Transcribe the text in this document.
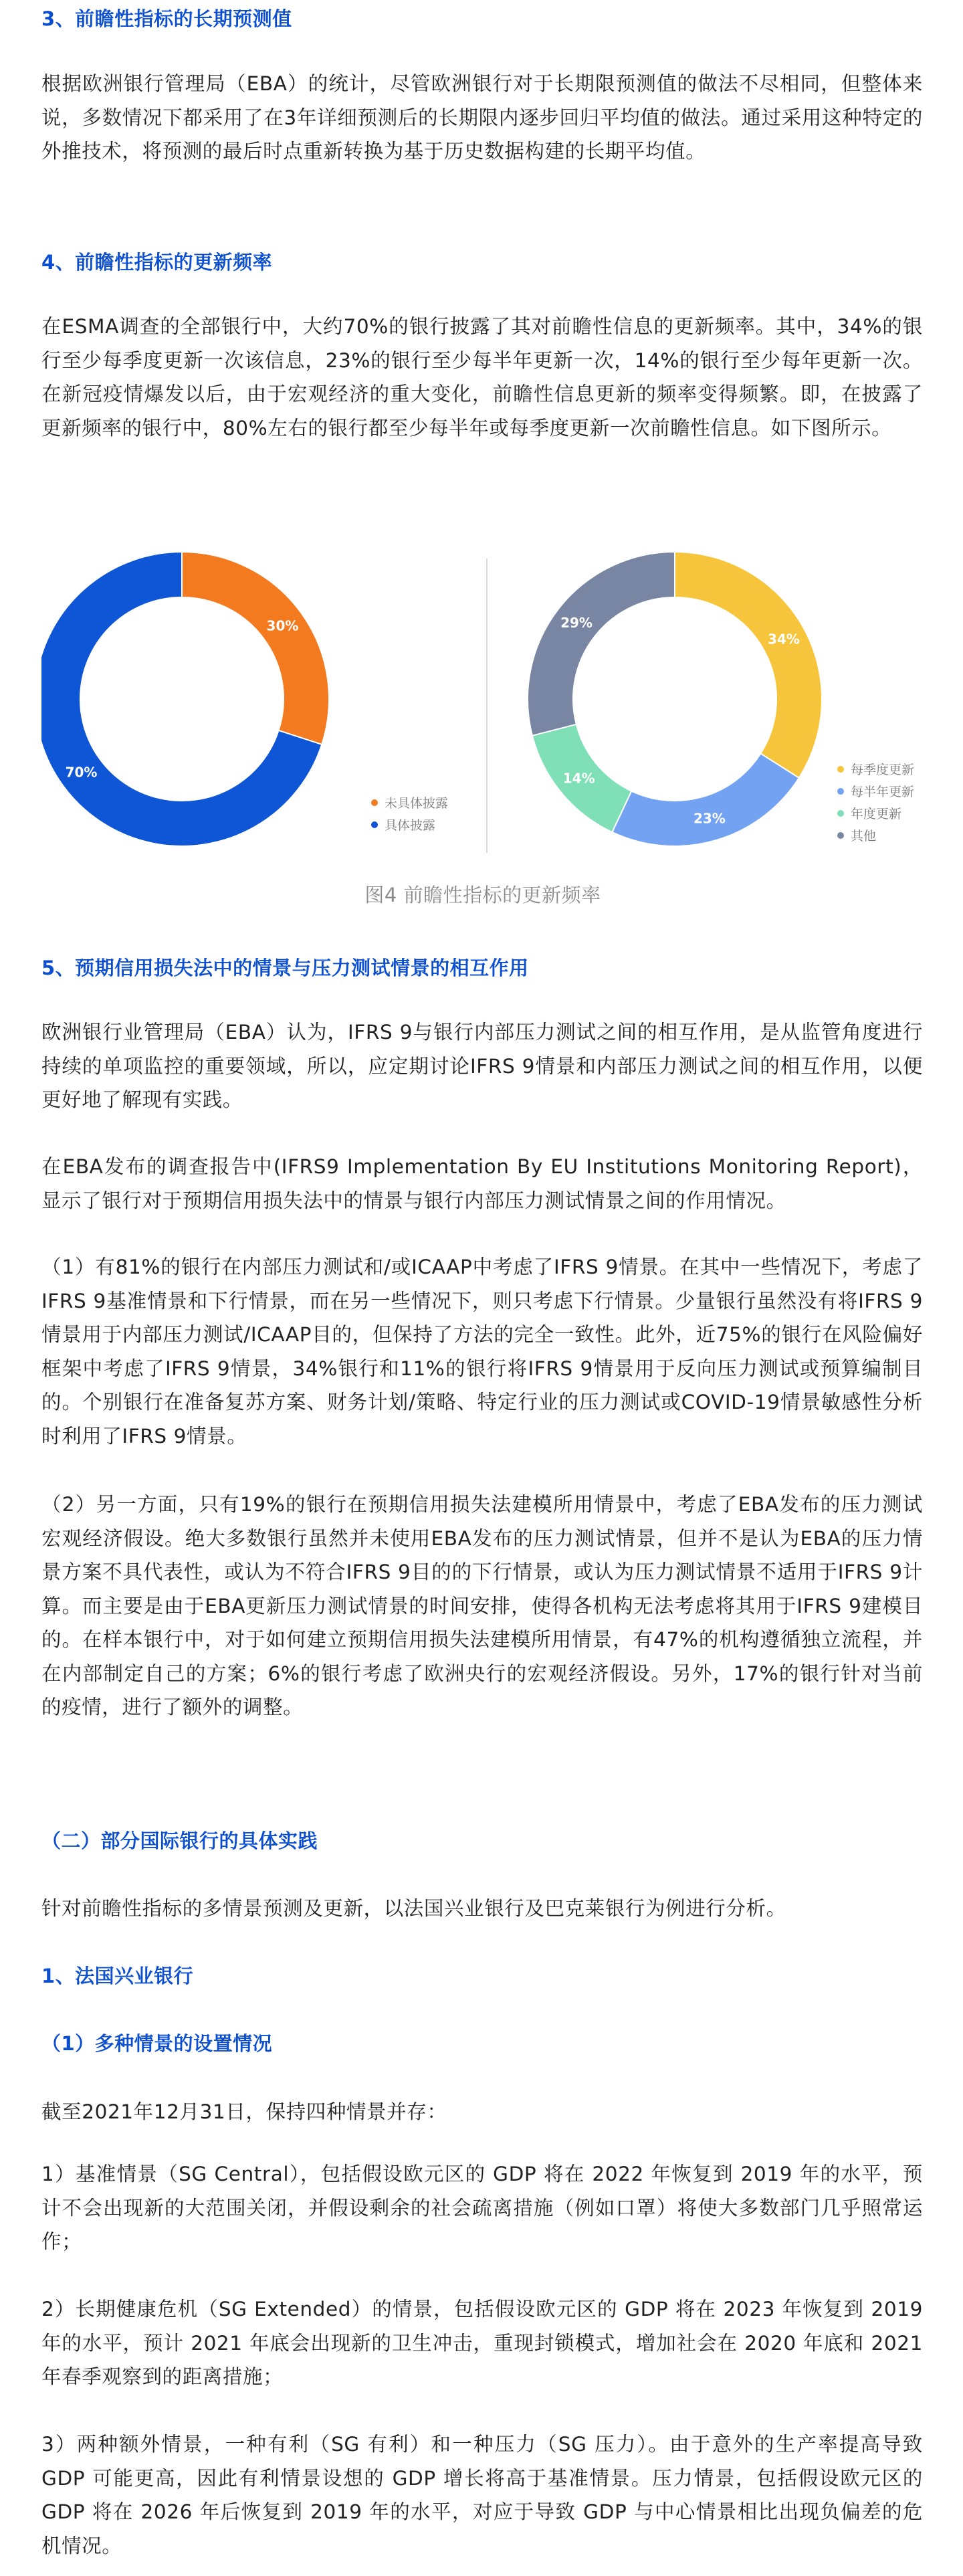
3、前瞻性指标的长期预测值
根据欧洲银行管理局（EBA）的统计，尽管欧洲银行对于长期限预测值的做法不尽相同，但整体来说，多数情况下都采用了在3年详细预测后的长期限内逐步回归平均值的做法。通过采用这种特定的外推技术，将预测的最后时点重新转换为基于历史数据构建的长期平均值。
4、前瞻性指标的更新频率
在ESMA调查的全部银行中，大约70%的银行披露了其对前瞻性信息的更新频率。其中，34%的银行至少每季度更新一次该信息，23%的银行至少每半年更新一次，14%的银行至少每年更新一次。在新冠疫情爆发以后，由于宏观经济的重大变化，前瞻性信息更新的频率变得频繁。即，在披露了更新频率的银行中，80%左右的银行都至少每半年或每季度更新一次前瞻性信息。如下图所示。
30%
70%
未具体披露
具体披露
34%
23%
14%
29%
每季度更新
每半年更新
年度更新
其他
图4 前瞻性指标的更新频率
5、预期信用损失法中的情景与压力测试情景的相互作用
欧洲银行业管理局（EBA）认为，IFRS 9与银行内部压力测试之间的相互作用，是从监管角度进行持续的单项监控的重要领域，所以，应定期讨论IFRS 9情景和内部压力测试之间的相互作用，以便更好地了解现有实践。
在EBA发布的调查报告中(IFRS9 Implementation By EU Institutions Monitoring Report)，显示了银行对于预期信用损失法中的情景与银行内部压力测试情景之间的作用情况。
（1）有81%的银行在内部压力测试和/或ICAAP中考虑了IFRS 9情景。在其中一些情况下，考虑了IFRS 9基准情景和下行情景，而在另一些情况下，则只考虑下行情景。少量银行虽然没有将IFRS 9情景用于内部压力测试/ICAAP目的，但保持了方法的完全一致性。此外，近75%的银行在风险偏好框架中考虑了IFRS 9情景，34%银行和11%的银行将IFRS 9情景用于反向压力测试或预算编制目的。个别银行在准备复苏方案、财务计划/策略、特定行业的压力测试或COVID-19情景敏感性分析时利用了IFRS 9情景。
（2）另一方面，只有19%的银行在预期信用损失法建模所用情景中，考虑了EBA发布的压力测试宏观经济假设。绝大多数银行虽然并未使用EBA发布的压力测试情景，但并不是认为EBA的压力情景方案不具代表性，或认为不符合IFRS 9目的的下行情景，或认为压力测试情景不适用于IFRS 9计算。而主要是由于EBA更新压力测试情景的时间安排，使得各机构无法考虑将其用于IFRS 9建模目的。在样本银行中，对于如何建立预期信用损失法建模所用情景，有47%的机构遵循独立流程，并在内部制定自己的方案；6%的银行考虑了欧洲央行的宏观经济假设。另外，17%的银行针对当前的疫情，进行了额外的调整。
（二）部分国际银行的具体实践
针对前瞻性指标的多情景预测及更新，以法国兴业银行及巴克莱银行为例进行分析。
1、法国兴业银行
（1）多种情景的设置情况
截至2021年12月31日，保持四种情景并存：
1）基准情景（SG Central），包括假设欧元区的 GDP 将在 2022 年恢复到 2019 年的水平，预计不会出现新的大范围关闭，并假设剩余的社会疏离措施（例如口罩）将使大多数部门几乎照常运作；
2）长期健康危机（SG Extended）的情景，包括假设欧元区的 GDP 将在 2023 年恢复到 2019 年的水平，预计 2021 年底会出现新的卫生冲击，重现封锁模式，增加社会在 2020 年底和 2021 年春季观察到的距离措施；
3）两种额外情景，一种有利（SG 有利）和一种压力（SG 压力）。由于意外的生产率提高导致 GDP 可能更高，因此有利情景设想的 GDP 增长将高于基准情景。压力情景，包括假设欧元区的 GDP 将在 2026 年后恢复到 2019 年的水平，对应于导致 GDP 与中心情景相比出现负偏差的危机情况。
